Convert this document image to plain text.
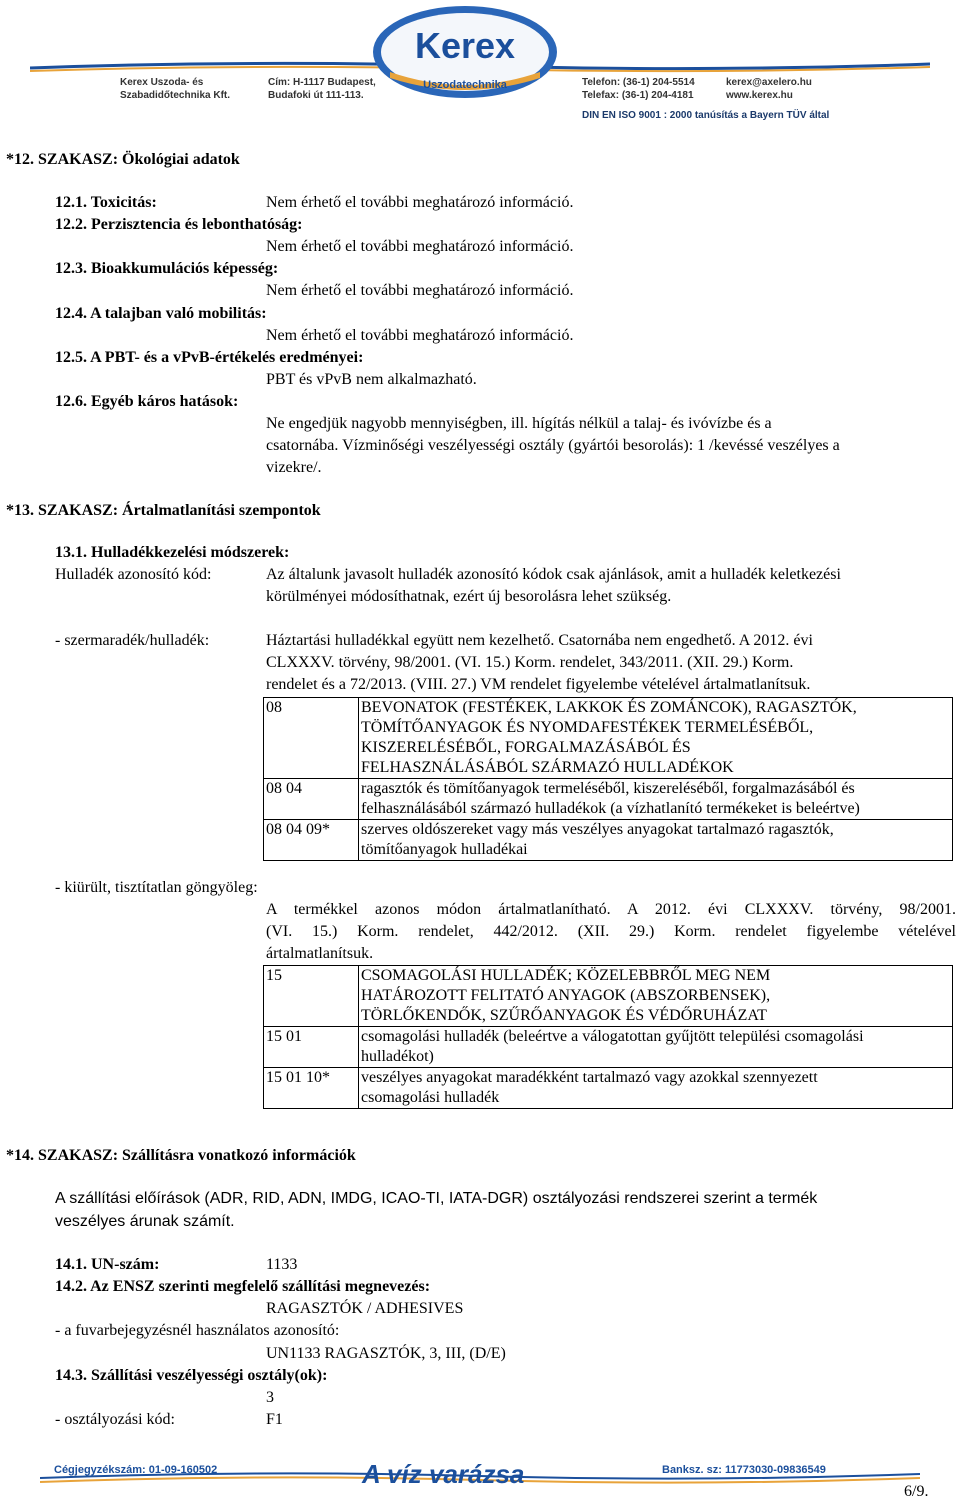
Kerex
Uszodatechnika
Kerex Uszoda- és
Szabadidőtechnika Kft.
Cím: H-1117 Budapest,
Budafoki út 111-113.
Telefon: (36-1) 204-5514
Telefax: (36-1) 204-4181
kerex@axelero.hu
www.kerex.hu
DIN EN ISO 9001 : 2000 tanúsítás a Bayern TÜV által
*12. SZAKASZ: Ökológiai adatok
12.1. Toxicitás:	Nem érhető el további meghatározó információ.
12.2. Perzisztencia és lebonthatóság:
Nem érhető el további meghatározó információ.
12.3. Bioakkumulációs képesség:
Nem érhető el további meghatározó információ.
12.4. A talajban való mobilitás:
Nem érhető el további meghatározó információ.
12.5. A PBT- és a vPvB-értékelés eredményei:
PBT és vPvB nem alkalmazható.
12.6. Egyéb káros hatások:
Ne engedjük nagyobb mennyiségben, ill. hígítás nélkül a talaj- és ivóvízbe és a
csatornába. Vízminőségi veszélyességi osztály (gyártói besorolás): 1 /kevéssé veszélyes a
vizekre/.
*13. SZAKASZ: Ártalmatlanítási szempontok
13.1. Hulladékkezelési módszerek:
Hulladék azonosító kód:	Az általunk javasolt hulladék azonosító kódok csak ajánlások, amit a hulladék keletkezési
körülményei módosíthatnak, ezért új besorolásra lehet szükség.
- szermaradék/hulladék:	Háztartási hulladékkal együtt nem kezelhető. Csatornába nem engedhető. A 2012. évi
CLXXXV. törvény, 98/2001. (VI. 15.) Korm. rendelet, 343/2011. (XII. 29.) Korm.
rendelet és a 72/2013. (VIII. 27.) VM rendelet figyelembe vételével ártalmatlanítsuk.
08	BEVONATOK (FESTÉKEK, LAKKOK ÉS ZOMÁNCOK), RAGASZTÓK,
TÖMÍTŐANYAGOK ÉS NYOMDAFESTÉKEK TERMELÉSÉBŐL,
KISZERELÉSÉBŐL, FORGALMAZÁSÁBÓL ÉS
FELHASZNÁLÁSÁBÓL SZÁRMAZÓ HULLADÉKOK

08 04	ragasztók és tömítőanyagok termeléséből, kiszereléséből, forgalmazásából és
felhasználásából származó hulladékok (a vízhatlanító termékeket is beleértve)

08 04 09*	szerves oldószereket vagy más veszélyes anyagokat tartalmazó ragasztók,
tömítőanyagok hulladékai
- kiürült, tisztítatlan göngyöleg:
A termékkel azonos módon ártalmatlanítható. A 2012. évi CLXXXV. törvény, 98/2001.
(VI. 15.) Korm. rendelet, 442/2012. (XII. 29.) Korm. rendelet figyelembe vételével
ártalmatlanítsuk.
15	CSOMAGOLÁSI HULLADÉK; KÖZELEBBRŐL MEG NEM
HATÁROZOTT FELITATÓ ANYAGOK (ABSZORBENSEK),
TÖRLŐKENDŐK, SZŰRŐANYAGOK ÉS VÉDŐRUHÁZAT

15 01	csomagolási hulladék (beleértve a válogatottan gyűjtött települési csomagolási
hulladékot)

15 01 10*	veszélyes anyagokat maradékként tartalmazó vagy azokkal szennyezett
csomagolási hulladék
*14. SZAKASZ: Szállításra vonatkozó információk
A szállítási előírások (ADR, RID, ADN, IMDG, ICAO-TI, IATA-DGR) osztályozási rendszerei szerint a termék
veszélyes árunak számít.
14.1. UN-szám:	1133
14.2. Az ENSZ szerinti megfelelő szállítási megnevezés:
RAGASZTÓK / ADHESIVES
- a fuvarbejegyzésnél használatos azonosító:
UN1133 RAGASZTÓK, 3, III, (D/E)
14.3. Szállítási veszélyességi osztály(ok):
3
- osztályozási kód:	F1
Cégjegyzékszám: 01-09-160502	A víz varázsa	Banksz. sz: 11773030-09836549
6/9.
